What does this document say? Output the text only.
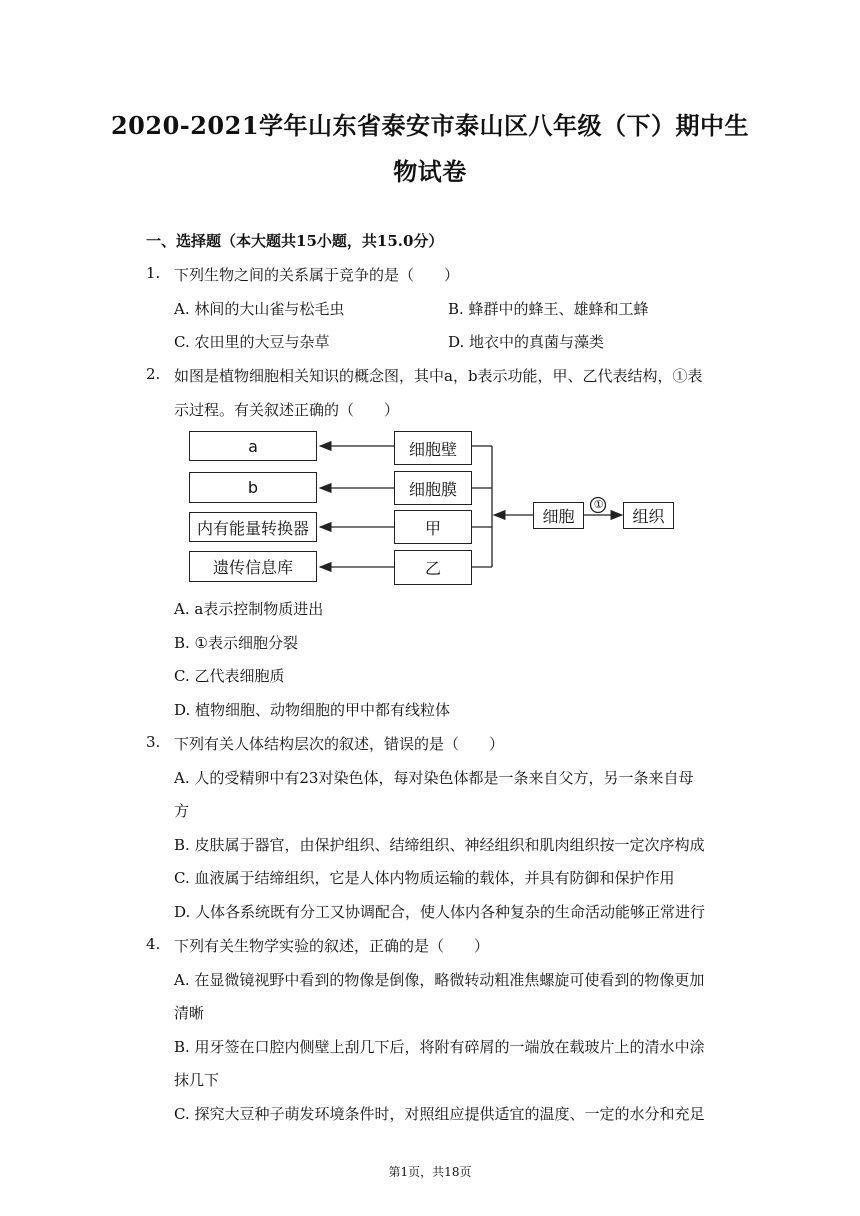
2020-2021学年山东省泰安市泰山区八年级（下）期中生
物试卷
一、选择题（本大题共15小题，共15.0分）
1. 下列生物之间的关系属于竞争的是（　　）
A. 林间的大山雀与松毛虫	B. 蜂群中的蜂王、雄蜂和工蜂
C. 农田里的大豆与杂草	D. 地衣中的真菌与藻类
2. 如图是植物细胞相关知识的概念图，其中a，b表示功能，甲、乙代表结构，①表
示过程。有关叙述正确的（　　）
a
b
内有能量转换器
遗传信息库
细胞壁
细胞膜
甲
乙
细胞
①
组织
A. a表示控制物质进出
B. ①表示细胞分裂
C. 乙代表细胞质
D. 植物细胞、动物细胞的甲中都有线粒体
3. 下列有关人体结构层次的叙述，错误的是（　　）
A. 人的受精卵中有23对染色体，每对染色体都是一条来自父方，另一条来自母
方
B. 皮肤属于器官，由保护组织、结缔组织、神经组织和肌肉组织按一定次序构成
C. 血液属于结缔组织，它是人体内物质运输的载体，并具有防御和保护作用
D. 人体各系统既有分工又协调配合，使人体内各种复杂的生命活动能够正常进行
4. 下列有关生物学实验的叙述，正确的是（　　）
A. 在显微镜视野中看到的物像是倒像，略微转动粗准焦螺旋可使看到的物像更加
清晰
B. 用牙签在口腔内侧壁上刮几下后，将附有碎屑的一端放在载玻片上的清水中涂
抹几下
C. 探究大豆种子萌发环境条件时，对照组应提供适宜的温度、一定的水分和充足
第1页，共18页
